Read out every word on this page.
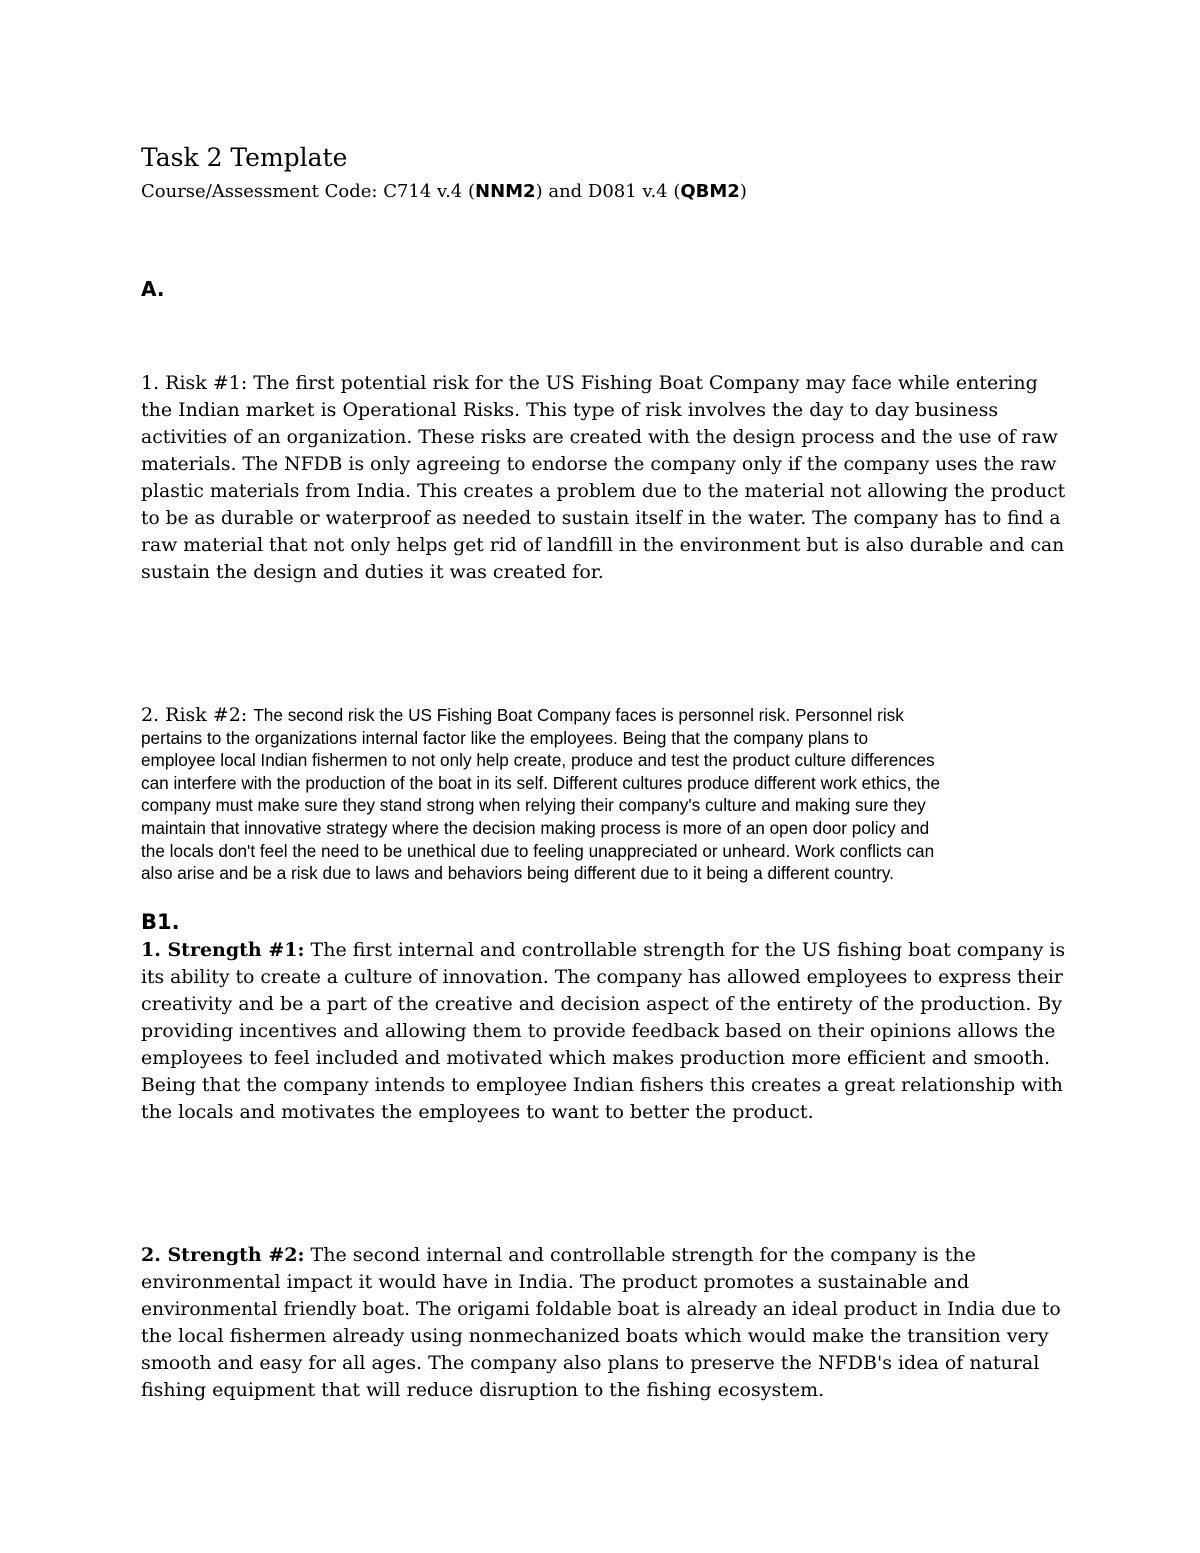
Task 2 Template
Course/Assessment Code: C714 v.4 (NNM2) and D081 v.4 (QBM2)
A.

1. Risk #1: The first potential risk for the US Fishing Boat Company may face while entering
the Indian market is Operational Risks. This type of risk involves the day to day business
activities of an organization. These risks are created with the design process and the use of raw
materials. The NFDB is only agreeing to endorse the company only if the company uses the raw
plastic materials from India. This creates a problem due to the material not allowing the product
to be as durable or waterproof as needed to sustain itself in the water. The company has to find a
raw material that not only helps get rid of landfill in the environment but is also durable and can
sustain the design and duties it was created for.

2. Risk #2: The second risk the US Fishing Boat Company faces is personnel risk. Personnel risk
pertains to the organizations internal factor like the employees. Being that the company plans to
employee local Indian fishermen to not only help create, produce and test the product culture differences
can interfere with the production of the boat in its self. Different cultures produce different work ethics, the
company must make sure they stand strong when relying their company's culture and making sure they
maintain that innovative strategy where the decision making process is more of an open door policy and
the locals don't feel the need to be unethical due to feeling unappreciated or unheard. Work conflicts can
also arise and be a risk due to laws and behaviors being different due to it being a different country.

B1.

1. Strength #1: The first internal and controllable strength for the US fishing boat company is
its ability to create a culture of innovation. The company has allowed employees to express their
creativity and be a part of the creative and decision aspect of the entirety of the production. By
providing incentives and allowing them to provide feedback based on their opinions allows the
employees to feel included and motivated which makes production more efficient and smooth.
Being that the company intends to employee Indian fishers this creates a great relationship with
the locals and motivates the employees to want to better the product.

2. Strength #2: The second internal and controllable strength for the company is the
environmental impact it would have in India. The product promotes a sustainable and
environmental friendly boat. The origami foldable boat is already an ideal product in India due to
the local fishermen already using nonmechanized boats which would make the transition very
smooth and easy for all ages. The company also plans to preserve the NFDB's idea of natural
fishing equipment that will reduce disruption to the fishing ecosystem.
